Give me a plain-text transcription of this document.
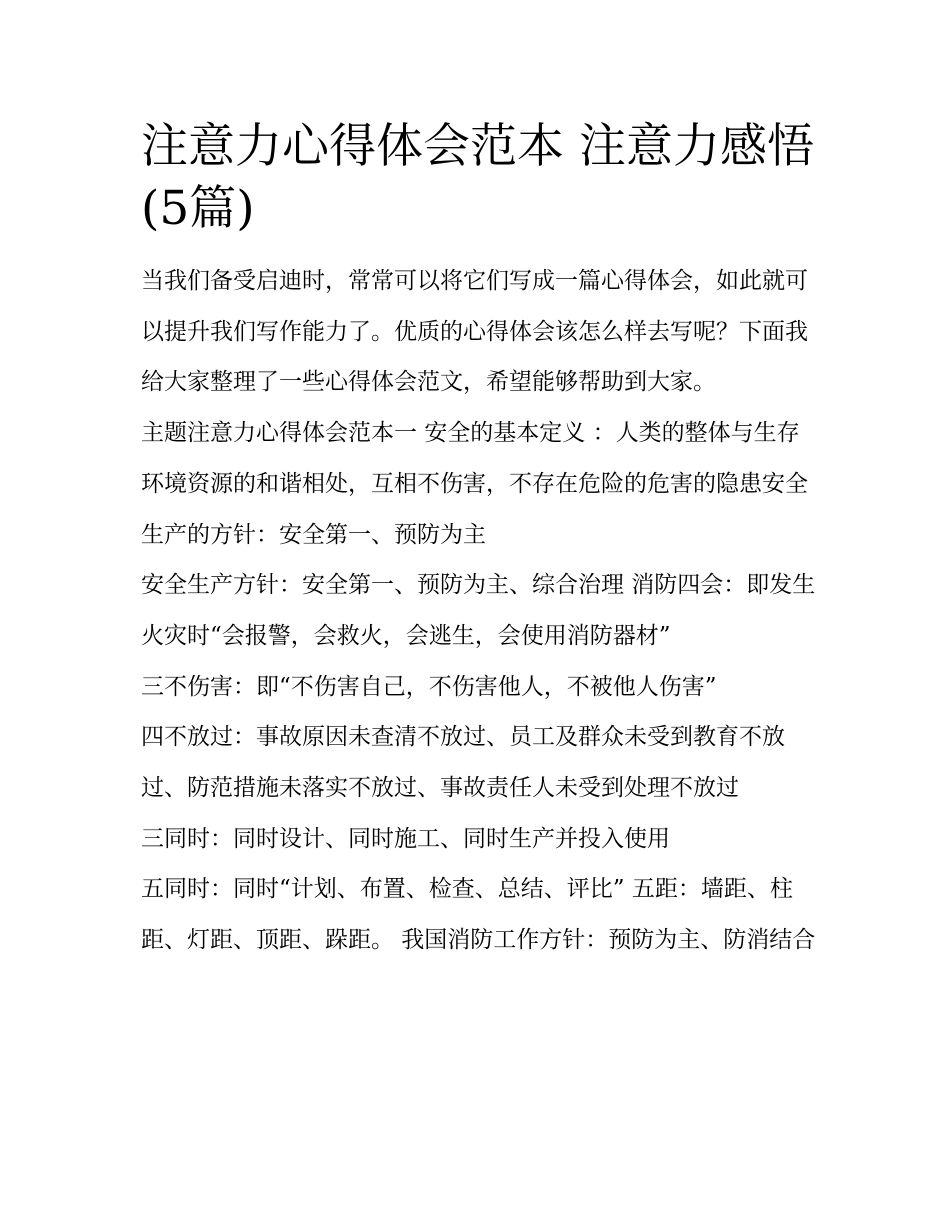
注意力心得体会范本 注意力感悟(5篇)

当我们备受启迪时，常常可以将它们写成一篇心得体会，如此就可以提升我们写作能力了。优质的心得体会该怎么样去写呢？下面我给大家整理了一些心得体会范文，希望能够帮助到大家。

主题注意力心得体会范本一 安全的基本定义 ：人类的整体与生存环境资源的和谐相处，互相不伤害，不存在危险的危害的隐患安全生产的方针：安全第一、预防为主

安全生产方针：安全第一、预防为主、综合治理 消防四会：即发生火灾时“会报警，会救火，会逃生，会使用消防器材”

三不伤害：即“不伤害自己，不伤害他人，不被他人伤害”

四不放过：事故原因未查清不放过、员工及群众未受到教育不放过、防范措施未落实不放过、事故责任人未受到处理不放过

三同时：同时设计、同时施工、同时生产并投入使用

五同时：同时“计划、布置、检查、总结、评比” 五距：墙距、柱距、灯距、顶距、跺距。 我国消防工作方针：预防为主、防消结合
